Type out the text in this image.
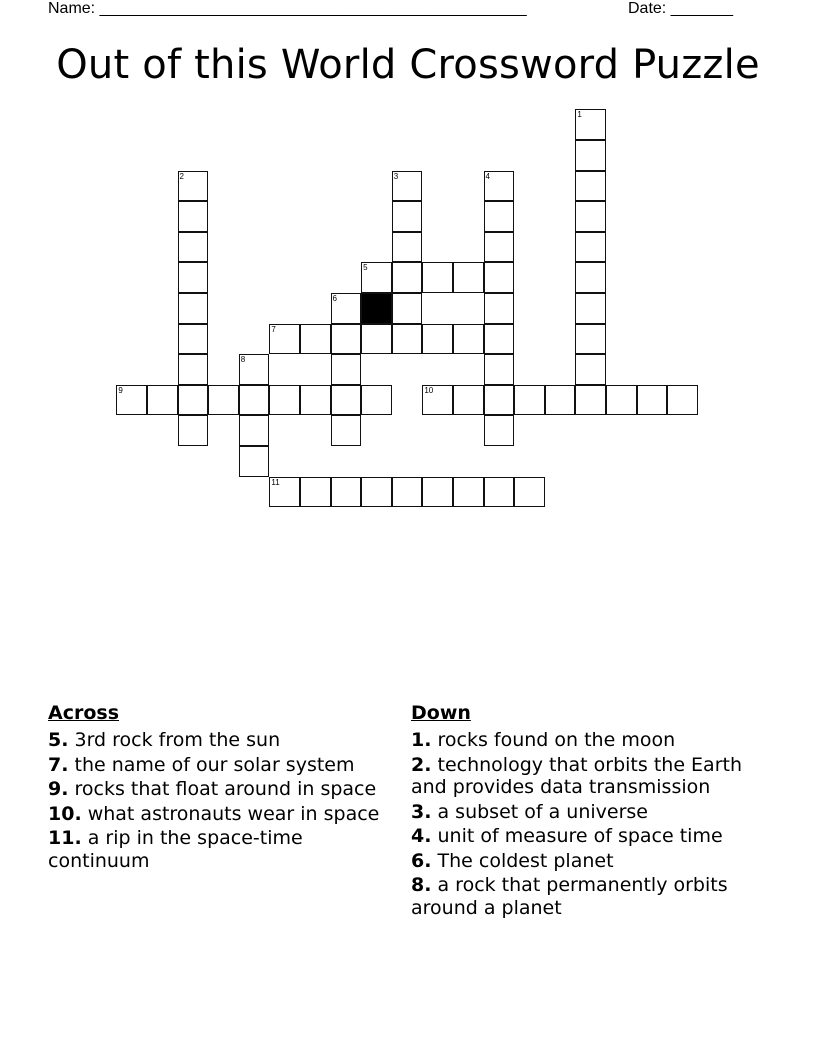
Name: ________________________________________________	Date: _______
Out of this World Crossword Puzzle
1
2	3	4
5
6
7
8
9	10
11
Across
5. 3rd rock from the sun
7. the name of our solar system
9. rocks that float around in space
10. what astronauts wear in space
11. a rip in the space-time continuum
Down
1. rocks found on the moon
2. technology that orbits the Earth and provides data transmission
3. a subset of a universe
4. unit of measure of space time
6. The coldest planet
8. a rock that permanently orbits around a planet
